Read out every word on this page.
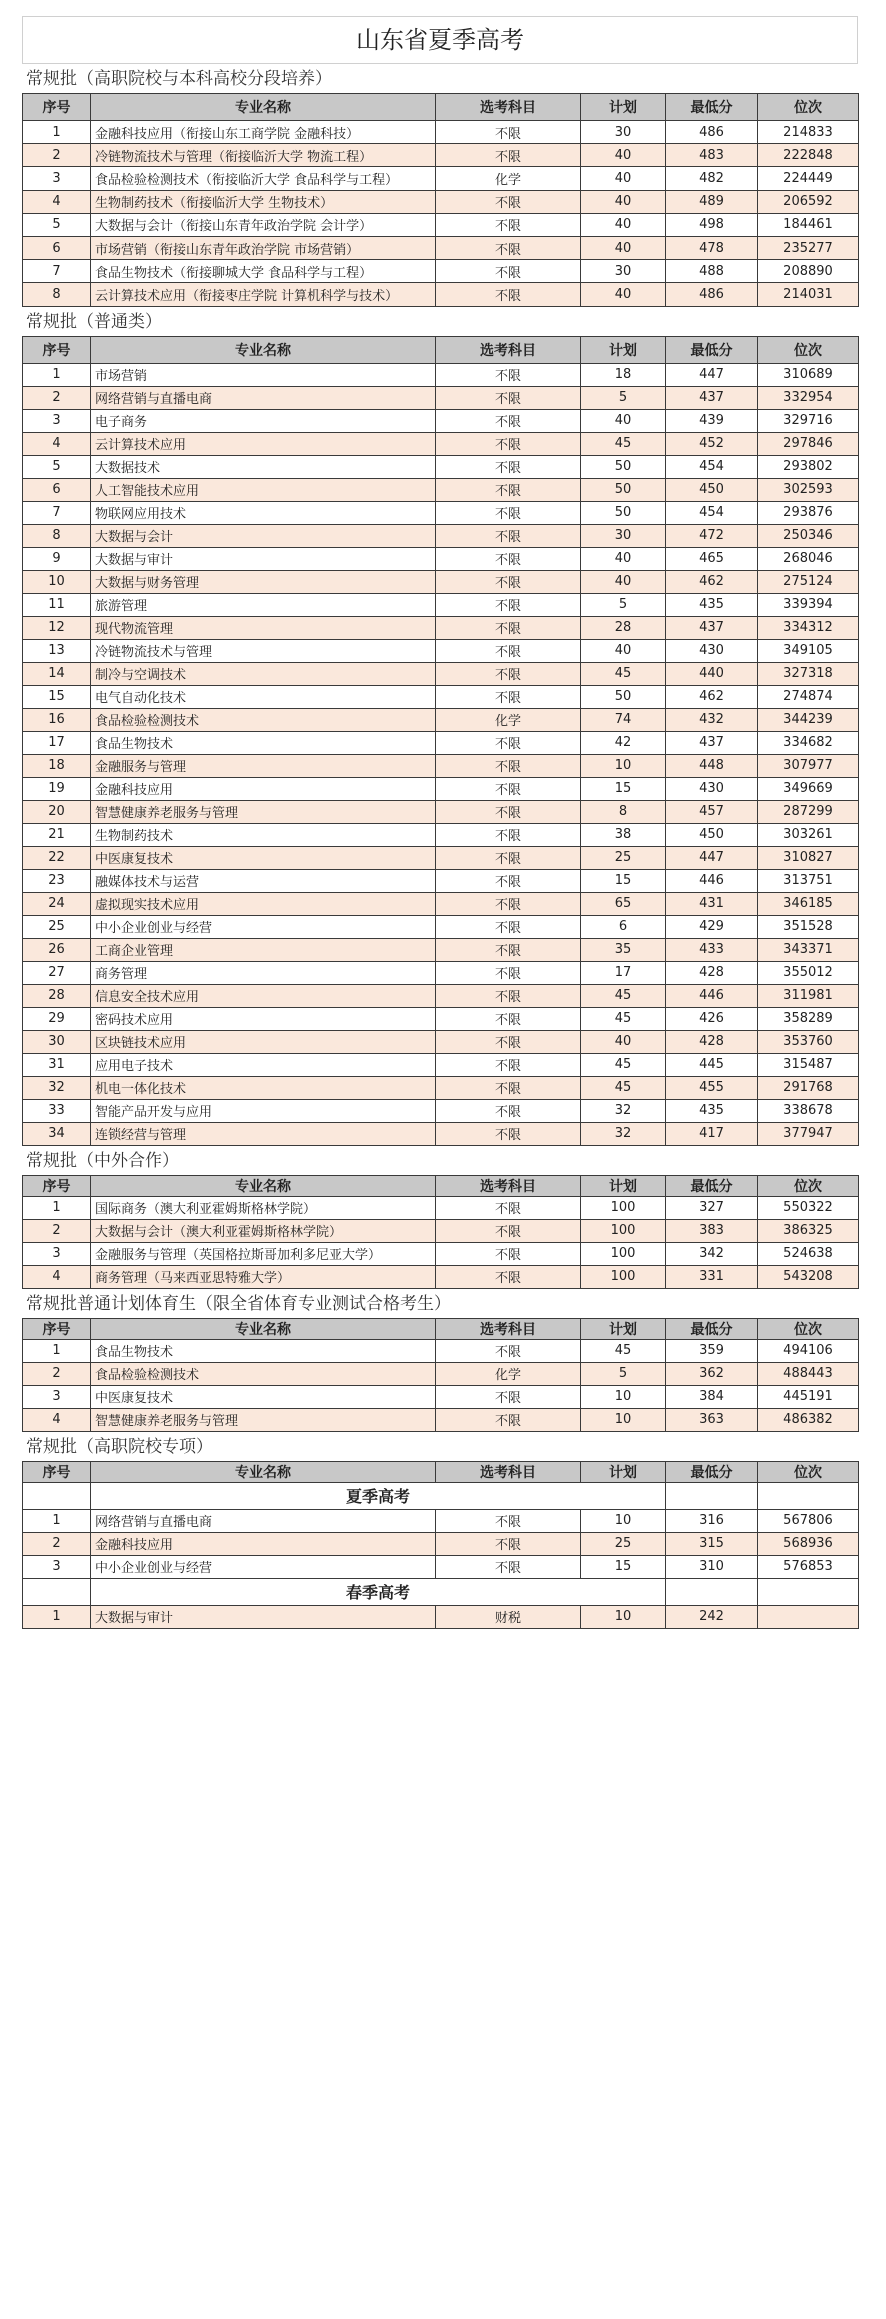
山东省夏季高考
常规批（高职院校与本科高校分段培养）
序号	专业名称	选考科目	计划	最低分	位次
1	金融科技应用（衔接山东工商学院 金融科技）	不限	30	486	214833
2	冷链物流技术与管理（衔接临沂大学 物流工程）	不限	40	483	222848
3	食品检验检测技术（衔接临沂大学 食品科学与工程）	化学	40	482	224449
4	生物制药技术（衔接临沂大学 生物技术）	不限	40	489	206592
5	大数据与会计（衔接山东青年政治学院 会计学）	不限	40	498	184461
6	市场营销（衔接山东青年政治学院 市场营销）	不限	40	478	235277
7	食品生物技术（衔接聊城大学 食品科学与工程）	不限	30	488	208890
8	云计算技术应用（衔接枣庄学院 计算机科学与技术）	不限	40	486	214031
常规批（普通类）
序号	专业名称	选考科目	计划	最低分	位次
1	市场营销	不限	18	447	310689
2	网络营销与直播电商	不限	5	437	332954
3	电子商务	不限	40	439	329716
4	云计算技术应用	不限	45	452	297846
5	大数据技术	不限	50	454	293802
6	人工智能技术应用	不限	50	450	302593
7	物联网应用技术	不限	50	454	293876
8	大数据与会计	不限	30	472	250346
9	大数据与审计	不限	40	465	268046
10	大数据与财务管理	不限	40	462	275124
11	旅游管理	不限	5	435	339394
12	现代物流管理	不限	28	437	334312
13	冷链物流技术与管理	不限	40	430	349105
14	制冷与空调技术	不限	45	440	327318
15	电气自动化技术	不限	50	462	274874
16	食品检验检测技术	化学	74	432	344239
17	食品生物技术	不限	42	437	334682
18	金融服务与管理	不限	10	448	307977
19	金融科技应用	不限	15	430	349669
20	智慧健康养老服务与管理	不限	8	457	287299
21	生物制药技术	不限	38	450	303261
22	中医康复技术	不限	25	447	310827
23	融媒体技术与运营	不限	15	446	313751
24	虚拟现实技术应用	不限	65	431	346185
25	中小企业创业与经营	不限	6	429	351528
26	工商企业管理	不限	35	433	343371
27	商务管理	不限	17	428	355012
28	信息安全技术应用	不限	45	446	311981
29	密码技术应用	不限	45	426	358289
30	区块链技术应用	不限	40	428	353760
31	应用电子技术	不限	45	445	315487
32	机电一体化技术	不限	45	455	291768
33	智能产品开发与应用	不限	32	435	338678
34	连锁经营与管理	不限	32	417	377947
常规批（中外合作）
序号	专业名称	选考科目	计划	最低分	位次
1	国际商务（澳大利亚霍姆斯格林学院）	不限	100	327	550322
2	大数据与会计（澳大利亚霍姆斯格林学院）	不限	100	383	386325
3	金融服务与管理（英国格拉斯哥加利多尼亚大学）	不限	100	342	524638
4	商务管理（马来西亚思特雅大学）	不限	100	331	543208
常规批普通计划体育生（限全省体育专业测试合格考生）
序号	专业名称	选考科目	计划	最低分	位次
1	食品生物技术	不限	45	359	494106
2	食品检验检测技术	化学	5	362	488443
3	中医康复技术	不限	10	384	445191
4	智慧健康养老服务与管理	不限	10	363	486382
常规批（高职院校专项）
序号	专业名称	选考科目	计划	最低分	位次
	夏季高考				
1	网络营销与直播电商	不限	10	316	567806
2	金融科技应用	不限	25	315	568936
3	中小企业创业与经营	不限	15	310	576853
	春季高考				
1	大数据与审计	财税	10	242	
